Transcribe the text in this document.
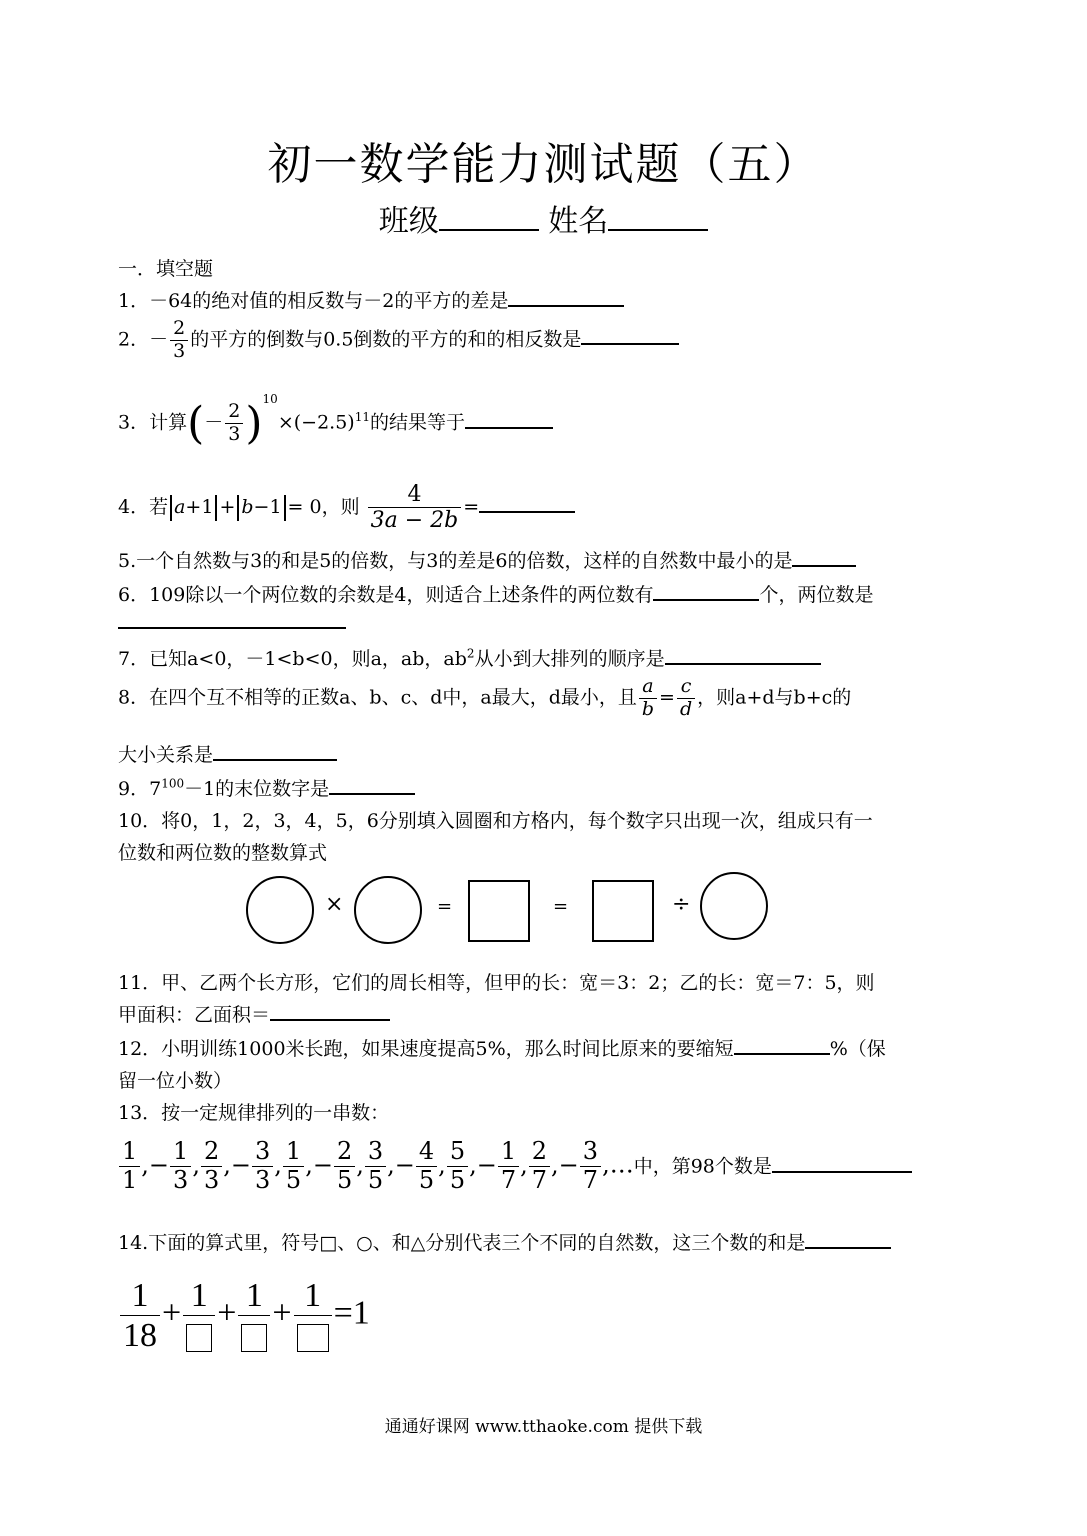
初一数学能力测试题（五）
班级	姓名
一．填空题
1．－64的绝对值的相反数与－2的平方的差是
2．－ $\frac{2}{3}$ 的平方的倒数与0.5倒数的平方的和的相反数是
3．计算(－ $\frac{2}{3} )^{10}\times(-2.5)^{11}$的结果等于
4．若 a+1 + b−1 = 0，则 $\frac{4}{3a - 2b}$ =
5.一个自然数与3的和是5的倍数，与3的差是6的倍数，这样的自然数中最小的是
6．109除以一个两位数的余数是4，则适合上述条件的两位数有	个，两位数是
7．已知a<0，－1<b<0，则a，ab，$ab^2$从小到大排列的顺序是
8．在四个互不相等的正数a、b、c、d中，a最大，d最小，且 $\frac{a}{b} = \frac{c}{d}$ ，则a+d与b+c的
大小关系是
9．$7^{100}-1$的末位数字是
10．将0，1，2，3，4，5，6分别填入圆圈和方格内，每个数字只出现一次，组成只有一
位数和两位数的整数算式
×	=	=	÷
11．甲、乙两个长方形，它们的周长相等，但甲的长：宽＝3：2；乙的长：宽＝7：5，则
甲面积：乙面积＝
12．小明训练1000米长跑，如果速度提高5%，那么时间比原来的要缩短	%（保
留一位小数）
13．按一定规律排列的一串数：
$\frac{1}{1}$ ,− $\frac{1}{3}$ , $\frac{2}{3}$ ,− $\frac{3}{3}$ , $\frac{1}{5}$ ,− $\frac{2}{5}$ , $\frac{3}{5}$ ,− $\frac{4}{5}$ , $\frac{5}{5}$ ,− $\frac{1}{7}$ , $\frac{2}{7}$ ,− $\frac{3}{7}$ ,…中，第98个数是
14.下面的算式里，符号□、○、和△分别代表三个不同的自然数，这三个数的和是
$\frac{1}{18} + 1 + 1 + 1 =1$
通通好课网 www.tthaoke.com 提供下载
